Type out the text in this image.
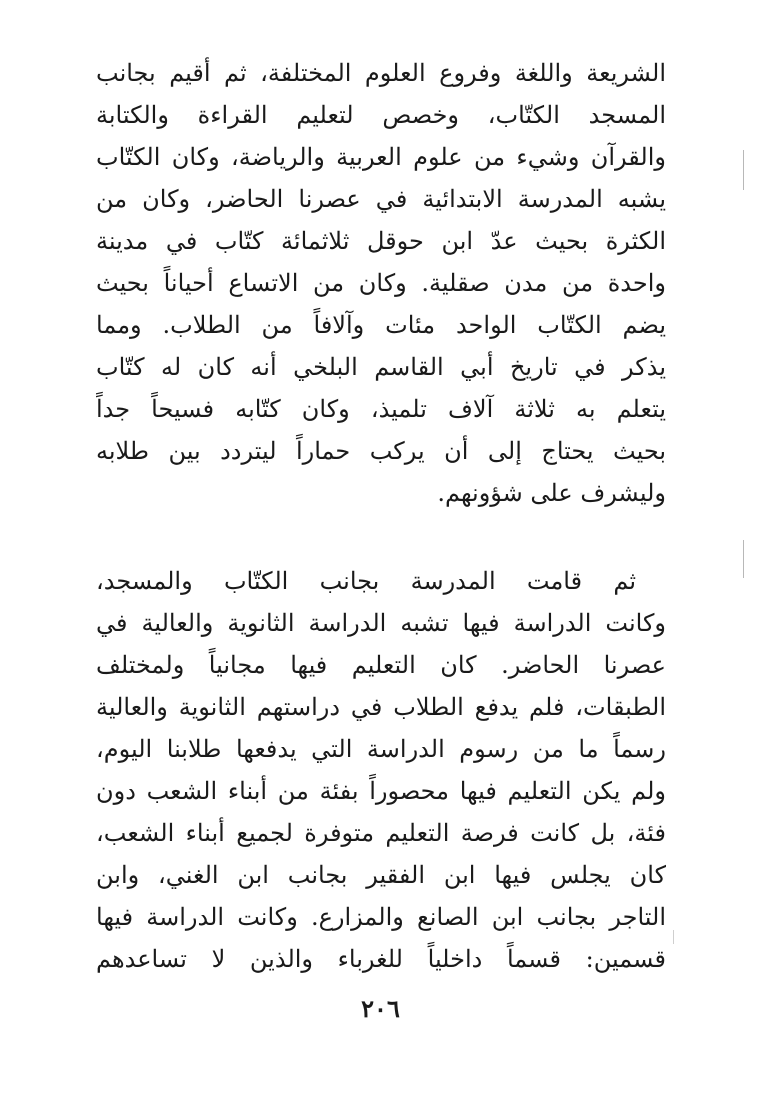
الشريعة واللغة وفروع العلوم المختلفة، ثم أقيم بجانب
المسجد الكتّاب، وخصص لتعليم القراءة والكتابة
والقرآن وشيء من علوم العربية والرياضة، وكان الكتّاب
يشبه المدرسة الابتدائية في عصرنا الحاضر، وكان من
الكثرة بحيث عدّ ابن حوقل ثلاثمائة كتّاب في مدينة
واحدة من مدن صقلية. وكان من الاتساع أحياناً بحيث
يضم الكتّاب الواحد مئات وآلافاً من الطلاب. ومما
يذكر في تاريخ أبي القاسم البلخي أنه كان له كتّاب
يتعلم به ثلاثة آلاف تلميذ، وكان كتّابه فسيحاً جداً
بحيث يحتاج إلى أن يركب حماراً ليتردد بين طلابه
وليشرف على شؤونهم.
ثم قامت المدرسة بجانب الكتّاب والمسجد،
وكانت الدراسة فيها تشبه الدراسة الثانوية والعالية في
عصرنا الحاضر. كان التعليم فيها مجانياً ولمختلف
الطبقات، فلم يدفع الطلاب في دراستهم الثانوية والعالية
رسماً ما من رسوم الدراسة التي يدفعها طلابنا اليوم،
ولم يكن التعليم فيها محصوراً بفئة من أبناء الشعب دون
فئة، بل كانت فرصة التعليم متوفرة لجميع أبناء الشعب،
كان يجلس فيها ابن الفقير بجانب ابن الغني، وابن
التاجر بجانب ابن الصانع والمزارع. وكانت الدراسة فيها
قسمين: قسماً داخلياً للغرباء والذين لا تساعدهم
٢٠٦
